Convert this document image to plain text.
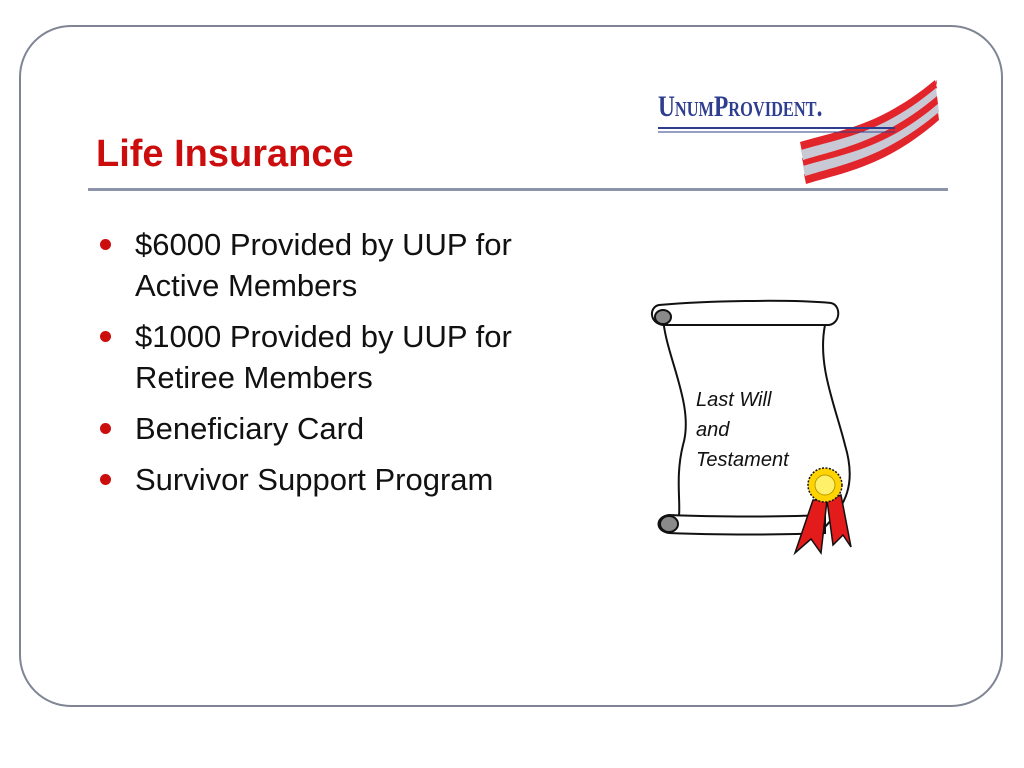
UnumProvident.
Life Insurance
$6000 Provided by UUP for Active Members
$1000 Provided by UUP for Retiree Members
Beneficiary Card
Survivor Support Program
Last Will
and
Testament
